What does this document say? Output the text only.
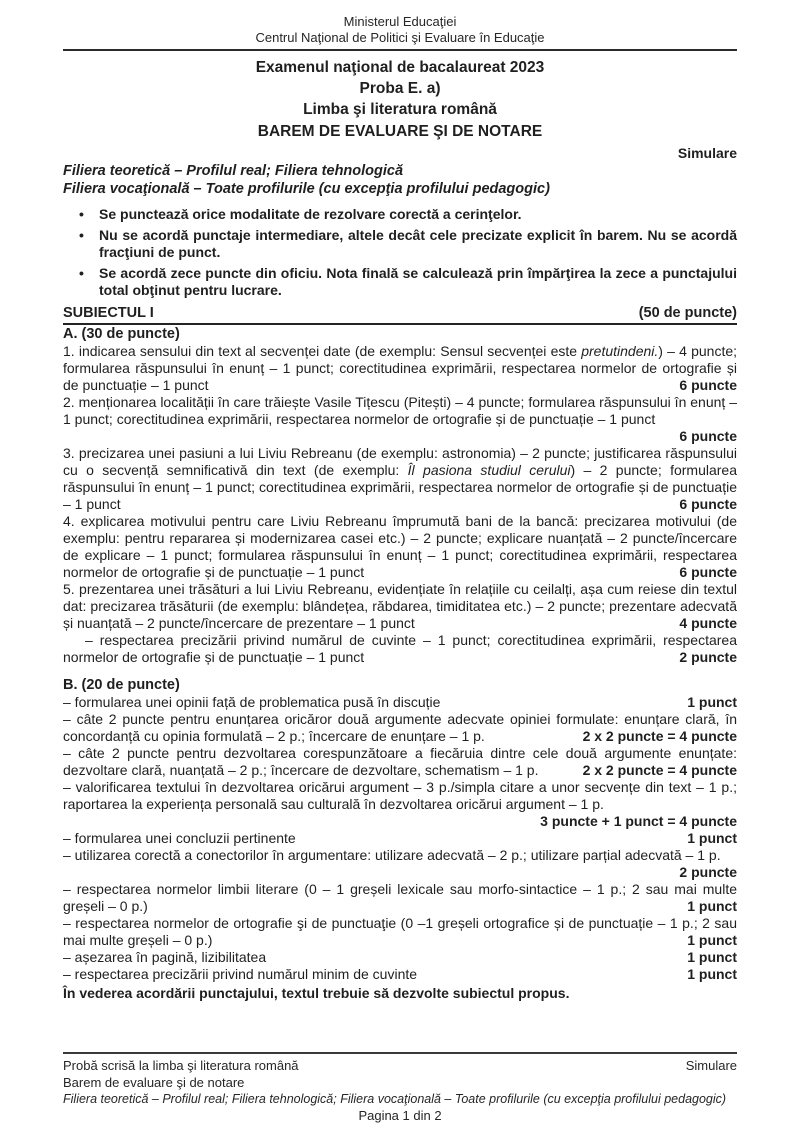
Ministerul Educaţiei
Centrul Naţional de Politici şi Evaluare în Educaţie
Examenul naţional de bacalaureat 2023
Proba E. a)
Limba şi literatura română
BAREM DE EVALUARE ŞI DE NOTARE
Simulare
Filiera teoretică – Profilul real; Filiera tehnologică
Filiera vocaţională – Toate profilurile (cu excepţia profilului pedagogic)
•	Se punctează orice modalitate de rezolvare corectă a cerinţelor.
•	Nu se acordă punctaje intermediare, altele decât cele precizate explicit în barem. Nu se acordă fracţiuni de punct.
•	Se acordă zece puncte din oficiu. Nota finală se calculează prin împărţirea la zece a punctajului total obţinut pentru lucrare.
SUBIECTUL I	(50 de puncte)
A. (30 de puncte)
1. indicarea sensului din text al secvenței date (de exemplu: Sensul secvenței este pretutindeni.) – 4 puncte; formularea răspunsului în enunț – 1 punct; corectitudinea exprimării, respectarea normelor de ortografie și de punctuație – 1 punct	6 puncte
2. menționarea localității în care trăiește Vasile Tițescu (Pitești) – 4 puncte; formularea răspunsului în enunț – 1 punct; corectitudinea exprimării, respectarea normelor de ortografie și de punctuație – 1 punct
6 puncte
3. precizarea unei pasiuni a lui Liviu Rebreanu (de exemplu: astronomia) – 2 puncte; justificarea răspunsului cu o secvență semnificativă din text (de exemplu: Îl pasiona studiul cerului) – 2 puncte; formularea răspunsului în enunț – 1 punct; corectitudinea exprimării, respectarea normelor de ortografie și de punctuație – 1 punct	6 puncte
4. explicarea motivului pentru care Liviu Rebreanu împrumută bani de la bancă: precizarea motivului (de exemplu: pentru repararea și modernizarea casei etc.) – 2 puncte; explicare nuanțată – 2 puncte/încercare de explicare – 1 punct; formularea răspunsului în enunț – 1 punct; corectitudinea exprimării, respectarea normelor de ortografie și de punctuație – 1 punct	6 puncte
5. prezentarea unei trăsături a lui Liviu Rebreanu, evidențiate în relațiile cu ceilalți, așa cum reiese din textul dat: precizarea trăsăturii (de exemplu: blândețea, răbdarea, timiditatea etc.) – 2 puncte; prezentare adecvată și nuanțată – 2 puncte/încercare de prezentare – 1 punct	4 puncte
– respectarea precizării privind numărul de cuvinte – 1 punct; corectitudinea exprimării, respectarea normelor de ortografie și de punctuație – 1 punct	2 puncte
B. (20 de puncte)
– formularea unei opinii față de problematica pusă în discuție	1 punct
– câte 2 puncte pentru enunțarea oricăror două argumente adecvate opiniei formulate: enunțare clară, în concordanță cu opinia formulată – 2 p.; încercare de enunțare – 1 p.	2 x 2 puncte = 4 puncte
– câte 2 puncte pentru dezvoltarea corespunzătoare a fiecăruia dintre cele două argumente enunțate: dezvoltare clară, nuanțată – 2 p.; încercare de dezvoltare, schematism – 1 p.	2 x 2 puncte = 4 puncte
– valorificarea textului în dezvoltarea oricărui argument – 3 p./simpla citare a unor secvențe din text – 1 p.; raportarea la experiența personală sau culturală în dezvoltarea oricărui argument – 1 p.
3 puncte + 1 punct = 4 puncte
– formularea unei concluzii pertinente	1 punct
– utilizarea corectă a conectorilor în argumentare: utilizare adecvată – 2 p.; utilizare parțial adecvată – 1 p.
2 puncte
– respectarea normelor limbii literare (0 – 1 greșeli lexicale sau morfo-sintactice – 1 p.; 2 sau mai multe greșeli – 0 p.)	1 punct
– respectarea normelor de ortografie şi de punctuaţie (0 –1 greșeli ortografice și de punctuație – 1 p.; 2 sau mai multe greșeli – 0 p.)	1 punct
– așezarea în pagină, lizibilitatea	1 punct
– respectarea precizării privind numărul minim de cuvinte	1 punct
În vederea acordării punctajului, textul trebuie să dezvolte subiectul propus.
Probă scrisă la limba şi literatura română	Simulare
Barem de evaluare şi de notare
Filiera teoretică – Profilul real; Filiera tehnologică; Filiera vocaţională – Toate profilurile (cu excepţia profilului pedagogic)
Pagina 1 din 2
